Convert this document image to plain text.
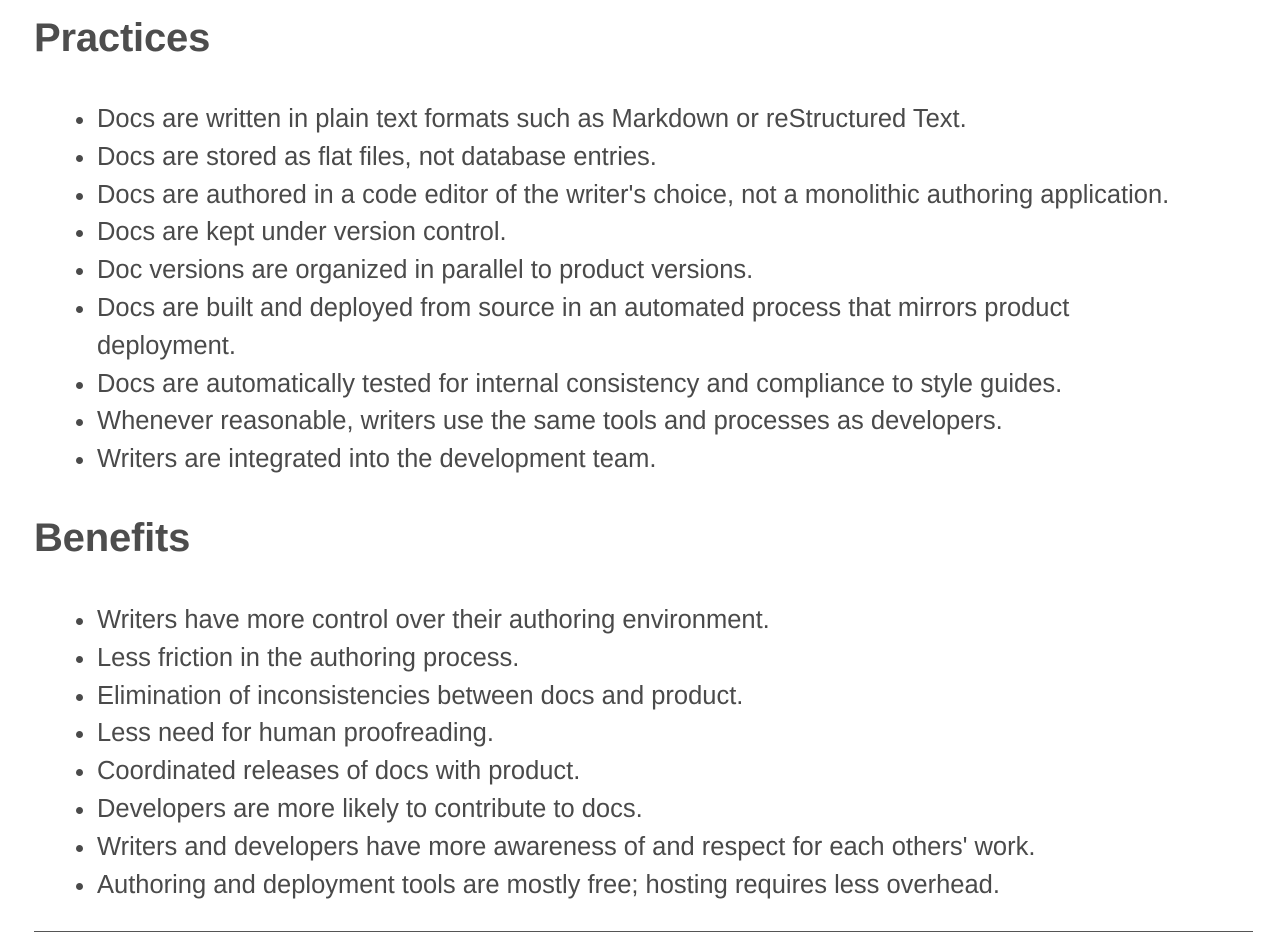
Practices
Docs are written in plain text formats such as Markdown or reStructured Text.
Docs are stored as flat files, not database entries.
Docs are authored in a code editor of the writer's choice, not a monolithic authoring application.
Docs are kept under version control.
Doc versions are organized in parallel to product versions.
Docs are built and deployed from source in an automated process that mirrors product deployment.
Docs are automatically tested for internal consistency and compliance to style guides.
Whenever reasonable, writers use the same tools and processes as developers.
Writers are integrated into the development team.
Benefits
Writers have more control over their authoring environment.
Less friction in the authoring process.
Elimination of inconsistencies between docs and product.
Less need for human proofreading.
Coordinated releases of docs with product.
Developers are more likely to contribute to docs.
Writers and developers have more awareness of and respect for each others' work.
Authoring and deployment tools are mostly free; hosting requires less overhead.
